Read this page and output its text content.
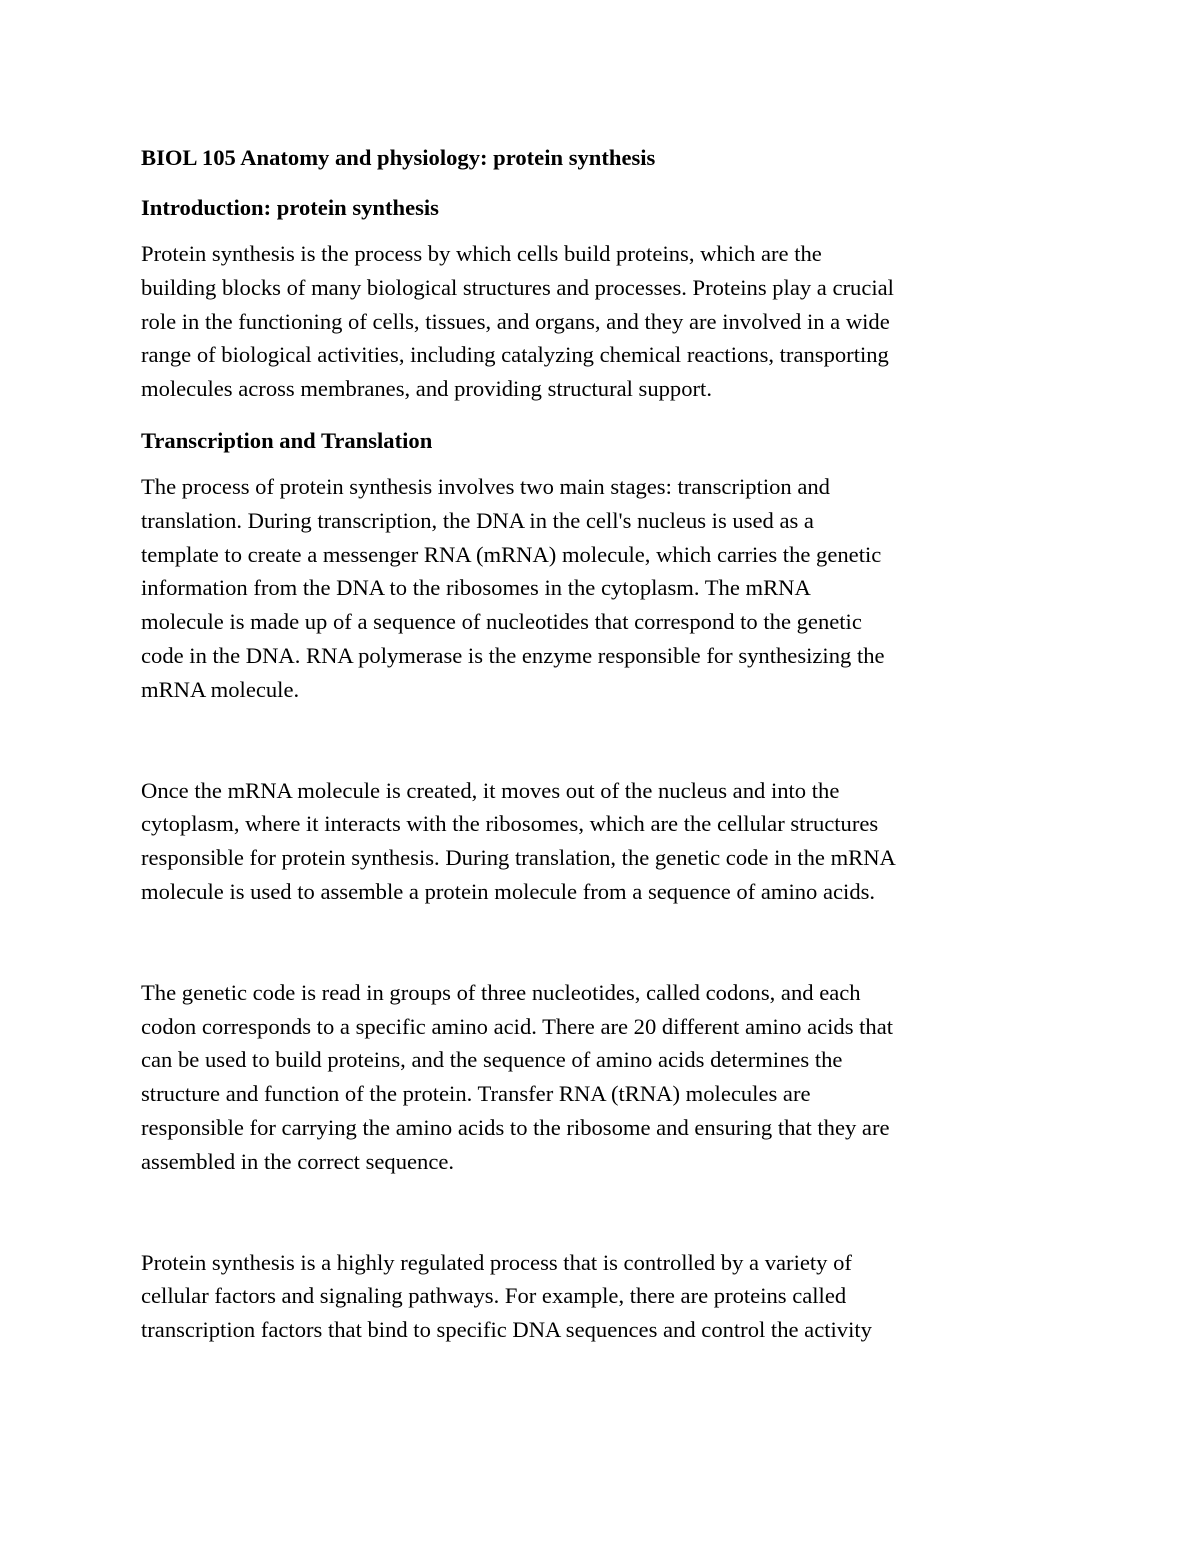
BIOL 105 Anatomy and physiology: protein synthesis
Introduction: protein synthesis
Protein synthesis is the process by which cells build proteins, which are the
building blocks of many biological structures and processes. Proteins play a crucial
role in the functioning of cells, tissues, and organs, and they are involved in a wide
range of biological activities, including catalyzing chemical reactions, transporting
molecules across membranes, and providing structural support.
Transcription and Translation
The process of protein synthesis involves two main stages: transcription and
translation. During transcription, the DNA in the cell's nucleus is used as a
template to create a messenger RNA (mRNA) molecule, which carries the genetic
information from the DNA to the ribosomes in the cytoplasm. The mRNA
molecule is made up of a sequence of nucleotides that correspond to the genetic
code in the DNA. RNA polymerase is the enzyme responsible for synthesizing the
mRNA molecule.
Once the mRNA molecule is created, it moves out of the nucleus and into the
cytoplasm, where it interacts with the ribosomes, which are the cellular structures
responsible for protein synthesis. During translation, the genetic code in the mRNA
molecule is used to assemble a protein molecule from a sequence of amino acids.
The genetic code is read in groups of three nucleotides, called codons, and each
codon corresponds to a specific amino acid. There are 20 different amino acids that
can be used to build proteins, and the sequence of amino acids determines the
structure and function of the protein. Transfer RNA (tRNA) molecules are
responsible for carrying the amino acids to the ribosome and ensuring that they are
assembled in the correct sequence.
Protein synthesis is a highly regulated process that is controlled by a variety of
cellular factors and signaling pathways. For example, there are proteins called
transcription factors that bind to specific DNA sequences and control the activity
